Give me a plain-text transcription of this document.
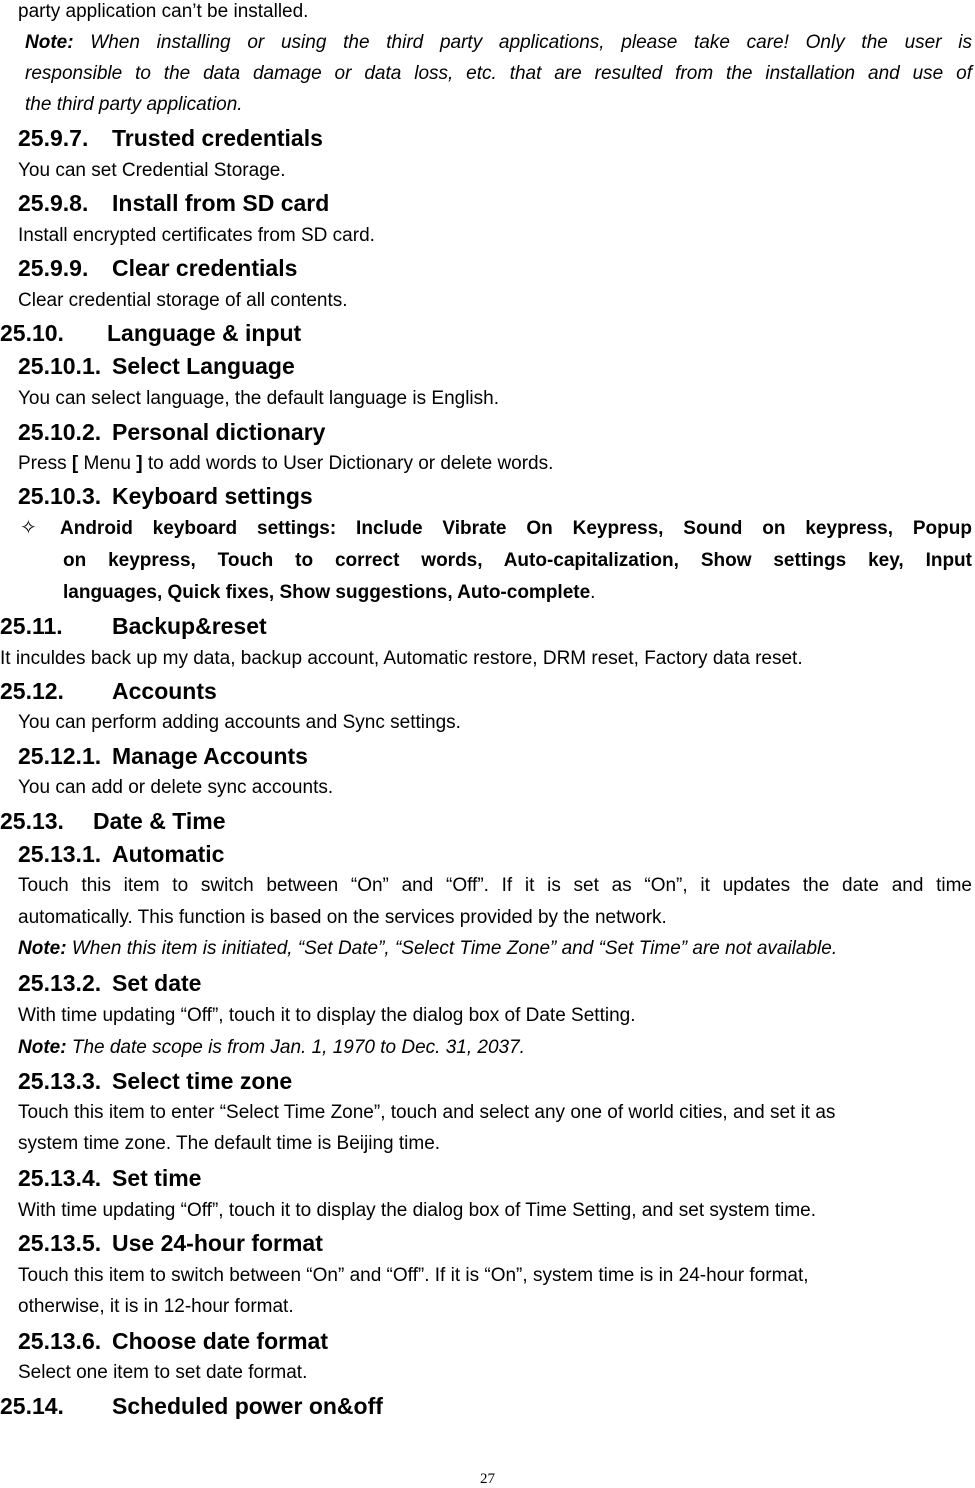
party application can’t be installed.
Note: When installing or using the third party applications, please take care! Only the user is
responsible to the data damage or data loss, etc. that are resulted from the installation and use of
the third party application.
25.9.7. Trusted credentials
You can set Credential Storage.
25.9.8. Install from SD card
Install encrypted certificates from SD card.
25.9.9. Clear credentials
Clear credential storage of all contents.
25.10. Language & input
25.10.1. Select Language
You can select language, the default language is English.
25.10.2. Personal dictionary
Press [ Menu ] to add words to User Dictionary or delete words.
25.10.3. Keyboard settings
✧ Android keyboard settings: Include Vibrate On Keypress, Sound on keypress, Popup
on keypress, Touch to correct words, Auto-capitalization, Show settings key, Input
languages, Quick fixes, Show suggestions, Auto-complete.
25.11. Backup&reset
It inculdes back up my data, backup account, Automatic restore, DRM reset, Factory data reset.
25.12. Accounts
You can perform adding accounts and Sync settings.
25.12.1. Manage Accounts
You can add or delete sync accounts.
25.13. Date & Time
25.13.1. Automatic
Touch this item to switch between “On” and “Off”. If it is set as “On”, it updates the date and time
automatically. This function is based on the services provided by the network.
Note: When this item is initiated, “Set Date”, “Select Time Zone” and “Set Time” are not available.
25.13.2. Set date
With time updating “Off”, touch it to display the dialog box of Date Setting.
Note: The date scope is from Jan. 1, 1970 to Dec. 31, 2037.
25.13.3. Select time zone
Touch this item to enter “Select Time Zone”, touch and select any one of world cities, and set it as
system time zone. The default time is Beijing time.
25.13.4. Set time
With time updating “Off”, touch it to display the dialog box of Time Setting, and set system time.
25.13.5. Use 24-hour format
Touch this item to switch between “On” and “Off”. If it is “On”, system time is in 24-hour format,
otherwise, it is in 12-hour format.
25.13.6. Choose date format
Select one item to set date format.
25.14. Scheduled power on&off
27
